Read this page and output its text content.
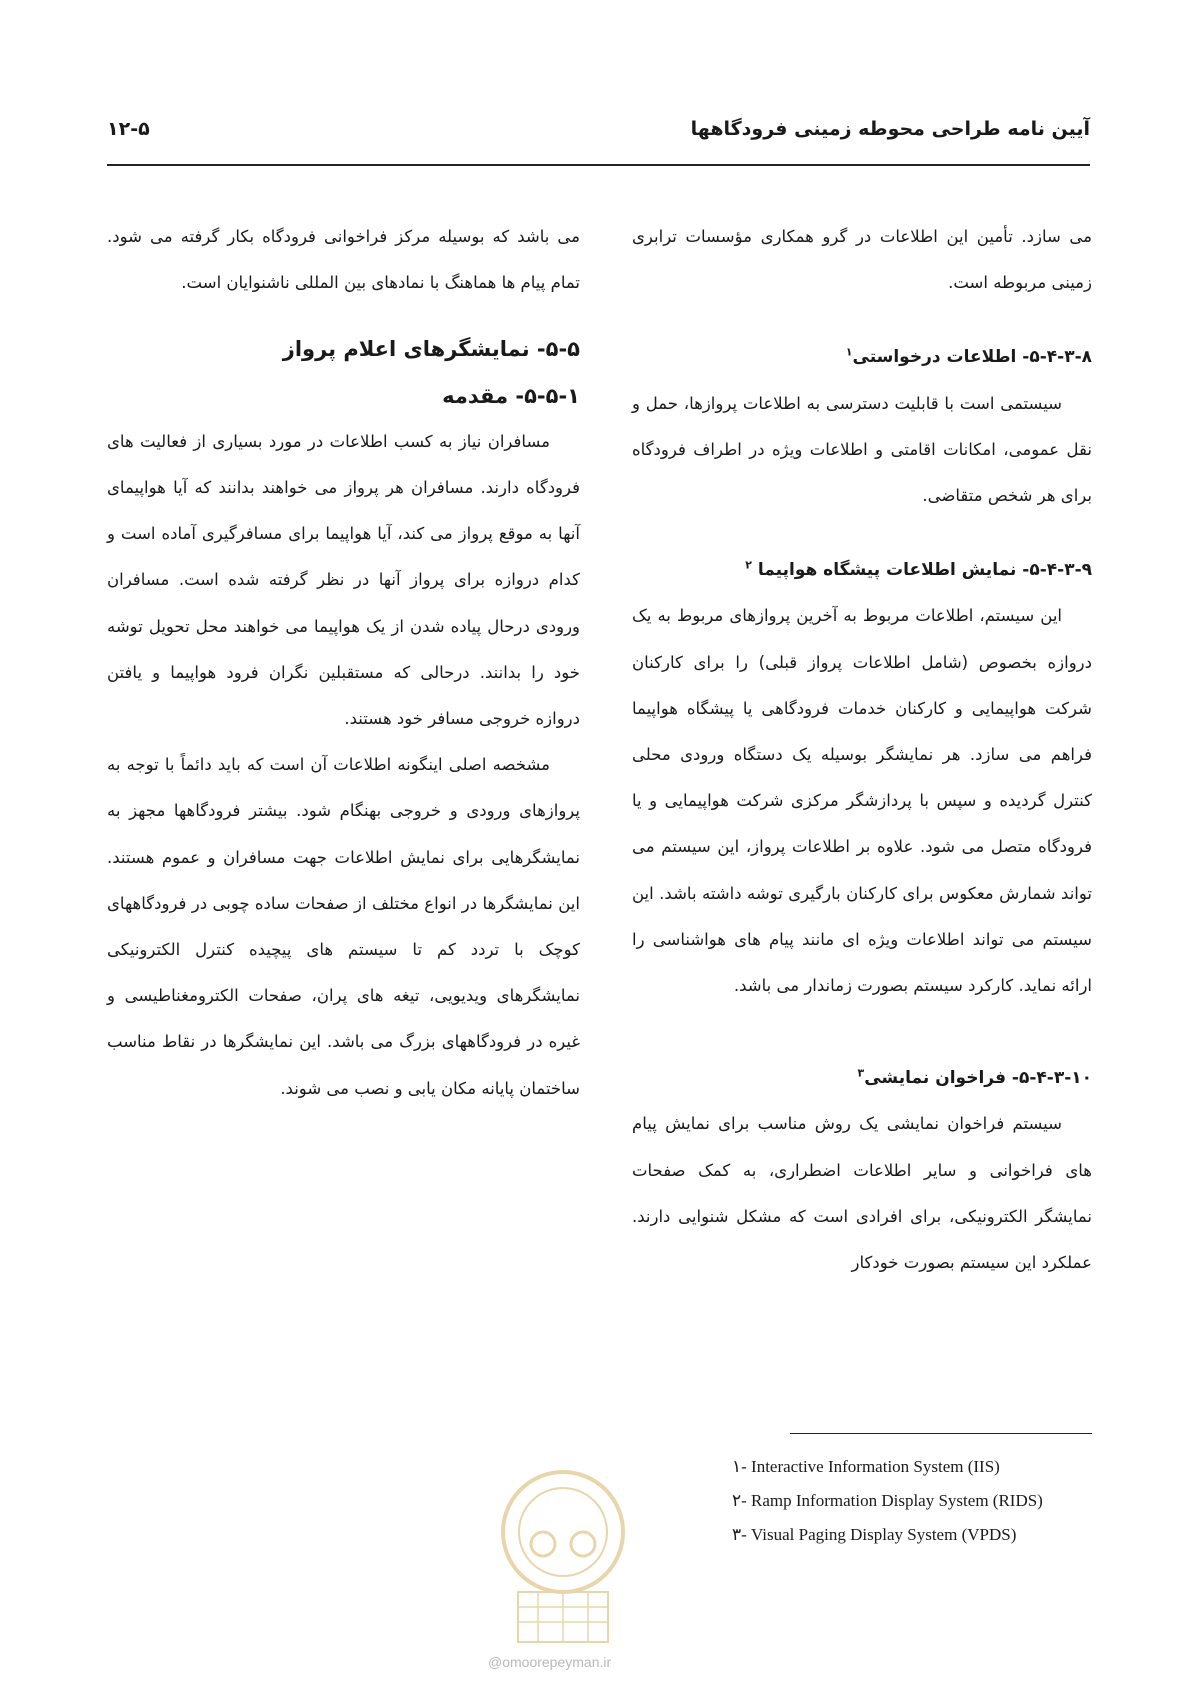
آیین نامه طراحی محوطه زمینی فرودگاهها
۱۲-۵

می سازد. تأمین این اطلاعات در گرو همکاری مؤسسات ترابری زمینی مربوطه است.

۵-۴-۳-۸- اطلاعات درخواستی$^۱$

سیستمی است با قابلیت دسترسی به اطلاعات پروازها، حمل و نقل عمومی، امکانات اقامتی و اطلاعات ویژه در اطراف فرودگاه برای هر شخص متقاضی.

۵-۴-۳-۹- نمایش اطلاعات پیشگاه هواپیما $^۲$

این سیستم، اطلاعات مربوط به آخرین پروازهای مربوط به یک دروازه بخصوص (شامل اطلاعات پرواز قبلی) را برای کارکنان شرکت هواپیمایی و کارکنان خدمات فرودگاهی یا پیشگاه هواپیما فراهم می سازد. هر نمایشگر بوسیله یک دستگاه ورودی محلی کنترل گردیده و سپس با پردازشگر مرکزی شرکت هواپیمایی و یا فرودگاه متصل می شود. علاوه بر اطلاعات پرواز، این سیستم می تواند شمارش معکوس برای کارکنان بارگیری توشه داشته باشد. این سیستم می تواند اطلاعات ویژه ای مانند پیام های هواشناسی را ارائه نماید. کارکرد سیستم بصورت زماندار می باشد.

۵-۴-۳-۱۰- فراخوان نمایشی$^۳$

سیستم فراخوان نمایشی یک روش مناسب برای نمایش پیام های فراخوانی و سایر اطلاعات اضطراری، به کمک صفحات نمایشگر الکترونیکی، برای افرادی است که مشکل شنوایی دارند. عملکرد این سیستم بصورت خودکار

می باشد که بوسیله مرکز فراخوانی فرودگاه بکار گرفته می شود. تمام پیام ها هماهنگ با نمادهای بین المللی ناشنوایان است.

۵-۵- نمایشگرهای اعلام پرواز

۵-۵-۱- مقدمه

مسافران نیاز به کسب اطلاعات در مورد بسیاری از فعالیت های فرودگاه دارند. مسافران هر پرواز می خواهند بدانند که آیا هواپیمای آنها به موقع پرواز می کند، آیا هواپیما برای مسافرگیری آماده است و کدام دروازه برای پرواز آنها در نظر گرفته شده است. مسافران ورودی درحال پیاده شدن از یک هواپیما می خواهند محل تحویل توشه خود را بدانند. درحالی که مستقبلین نگران فرود هواپیما و یافتن دروازه خروجی مسافر خود هستند.

مشخصه اصلی اینگونه اطلاعات آن است که باید دائماً با توجه به پروازهای ورودی و خروجی بهنگام شود. بیشتر فرودگاهها مجهز به نمایشگرهایی برای نمایش اطلاعات جهت مسافران و عموم هستند. این نمایشگرها در انواع مختلف از صفحات ساده چوبی در فرودگاههای کوچک با تردد کم تا سیستم های پیچیده کنترل الکترونیکی نمایشگرهای ویدیویی، تیغه های پران، صفحات الکترومغناطیسی و غیره در فرودگاههای بزرگ می باشد. این نمایشگرها در نقاط مناسب ساختمان پایانه مکان یابی و نصب می شوند.

۱- Interactive Information System (IIS)
۲- Ramp Information Display System (RIDS)
۳- Visual Paging Display System (VPDS)
@omoorepeyman.ir
